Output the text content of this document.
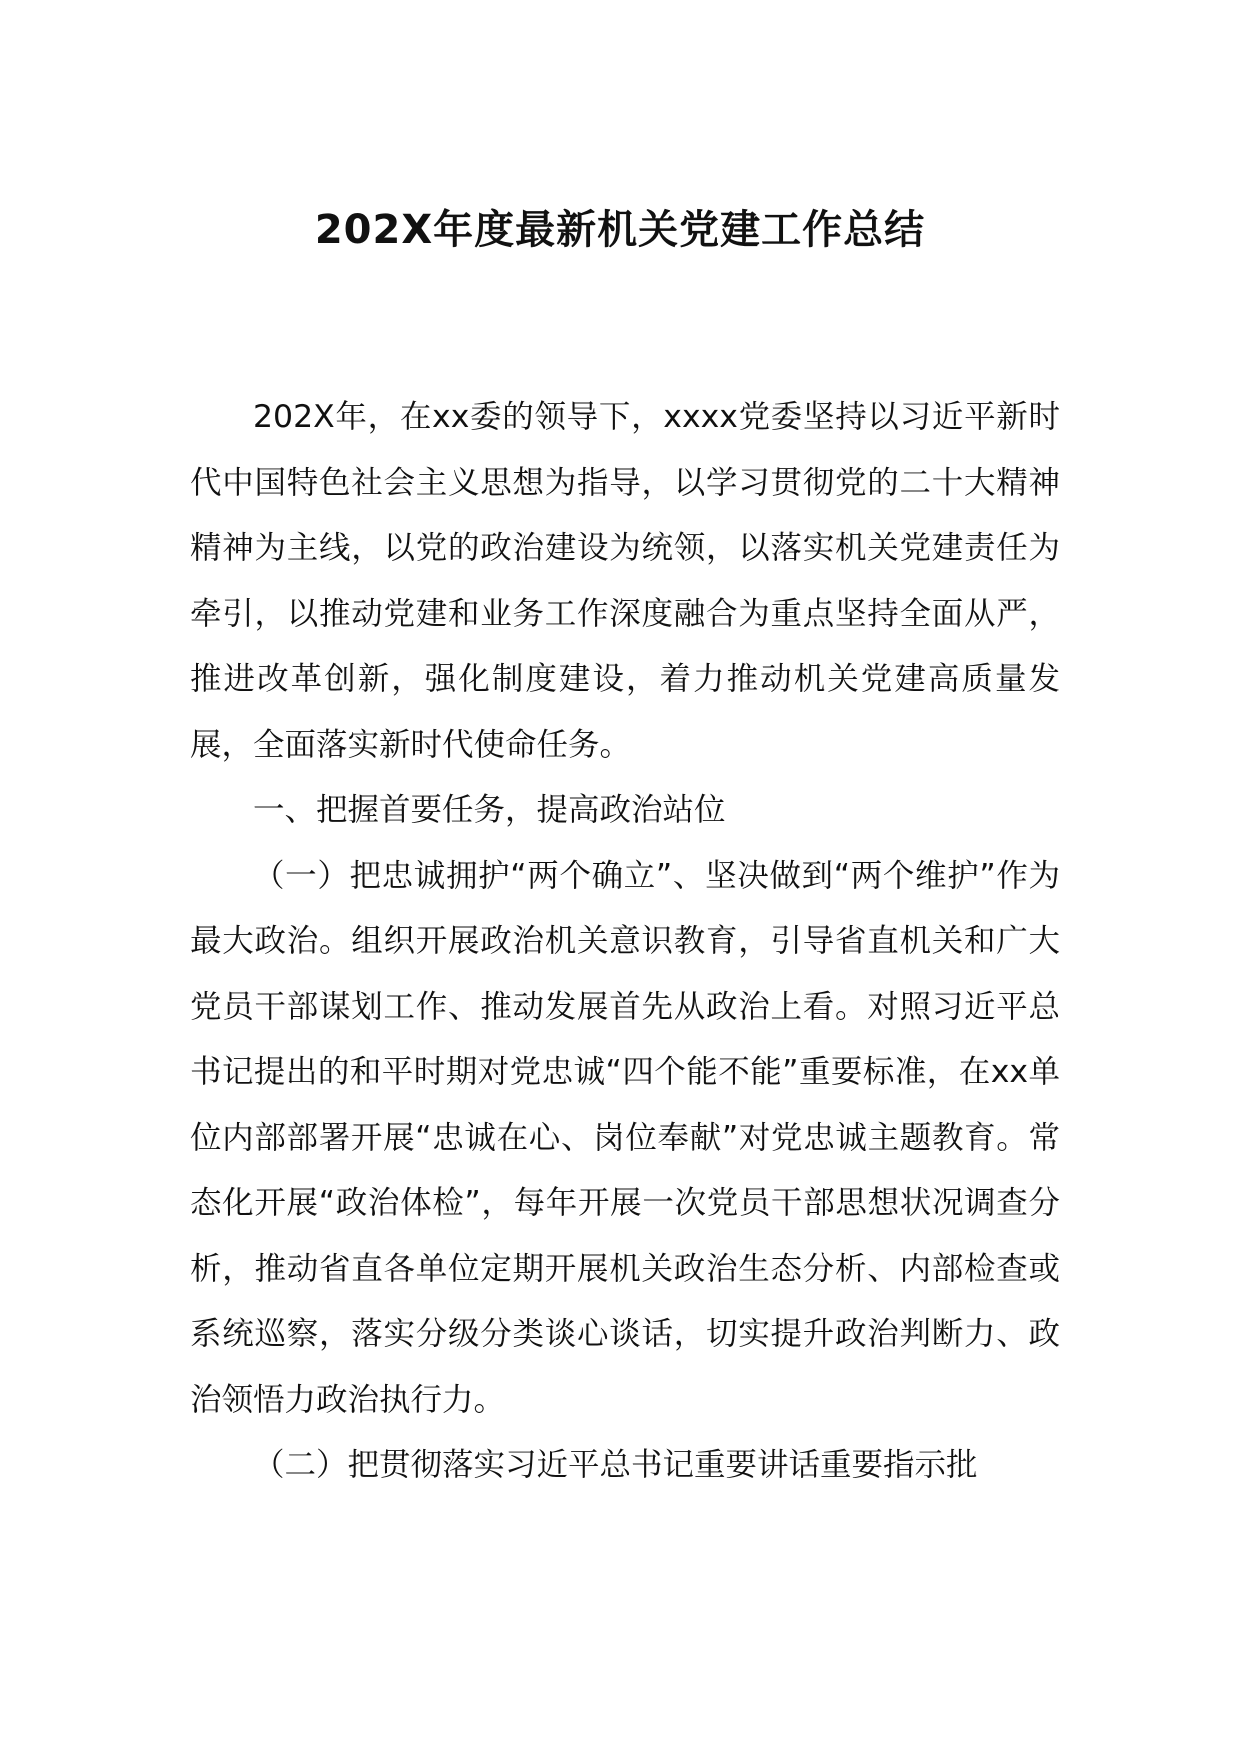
202X年度最新机关党建工作总结

202X年，在xx委的领导下，xxxx党委坚持以习近平新时代中国特色社会主义思想为指导，以学习贯彻党的二十大精神精神为主线，以党的政治建设为统领，以落实机关党建责任为牵引，以推动党建和业务工作深度融合为重点坚持全面从严，推进改革创新，强化制度建设，着力推动机关党建高质量发展，全面落实新时代使命任务。

一、把握首要任务，提高政治站位

（一）把忠诚拥护“两个确立”、坚决做到“两个维护”作为最大政治。组织开展政治机关意识教育，引导省直机关和广大党员干部谋划工作、推动发展首先从政治上看。对照习近平总书记提出的和平时期对党忠诚“四个能不能”重要标准，在xx单位内部部署开展“忠诚在心、岗位奉献”对党忠诚主题教育。常态化开展“政治体检”，每年开展一次党员干部思想状况调查分析，推动省直各单位定期开展机关政治生态分析、内部检查或系统巡察，落实分级分类谈心谈话，切实提升政治判断力、政治领悟力政治执行力。

（二）把贯彻落实习近平总书记重要讲话重要指示批
